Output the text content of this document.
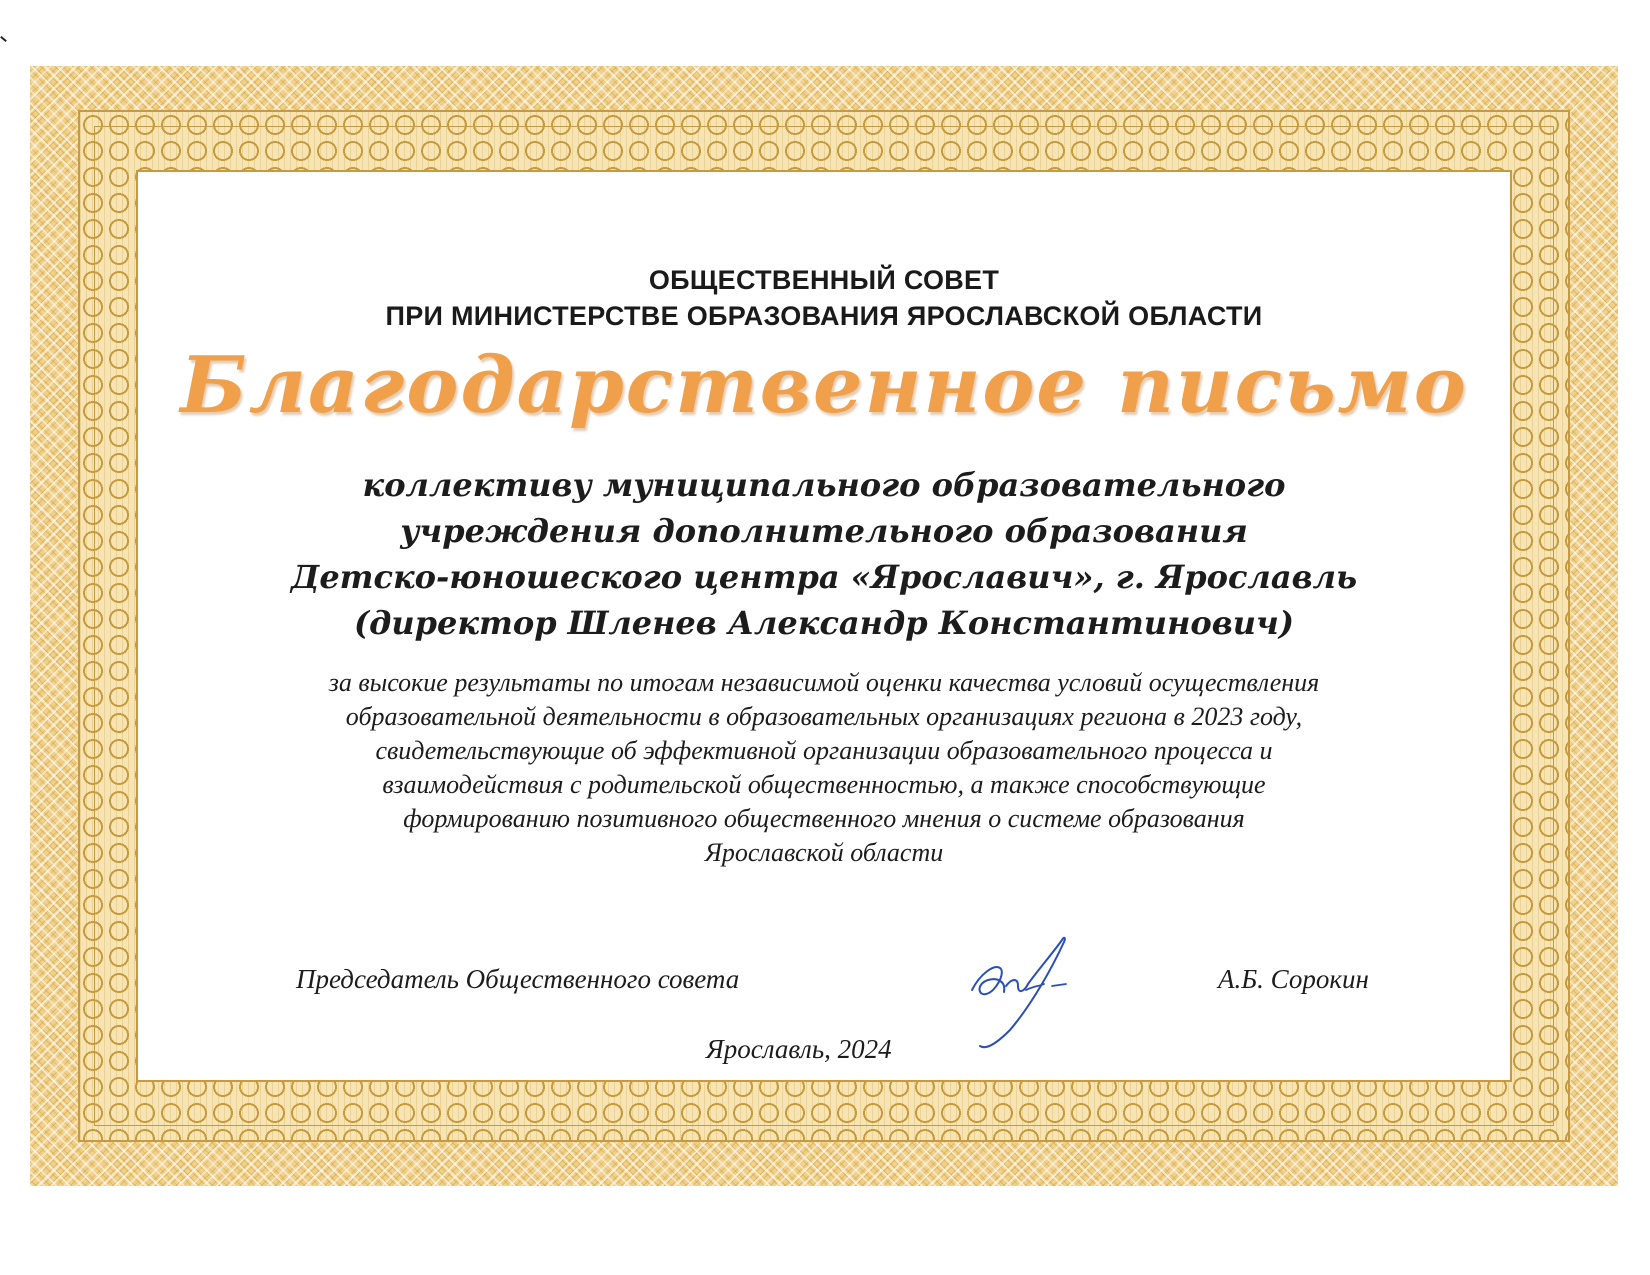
ОБЩЕСТВЕННЫЙ СОВЕТ
ПРИ МИНИСТЕРСТВЕ ОБРАЗОВАНИЯ ЯРОСЛАВСКОЙ ОБЛАСТИ
Благодарственное письмо
коллективу муниципального образовательного
учреждения дополнительного образования
Детско-юношеского центра «Ярославич», г. Ярославль
(директор Шленев Александр Константинович)
за высокие результаты по итогам независимой оценки качества условий осуществления
образовательной деятельности в образовательных организациях региона в 2023 году,
свидетельствующие об эффективной организации образовательного процесса и
взаимодействия с родительской общественностью, а также способствующие
формированию позитивного общественного мнения о системе образования
Ярославской области
Председатель Общественного совета	А.Б. Сорокин
Ярославль, 2024
